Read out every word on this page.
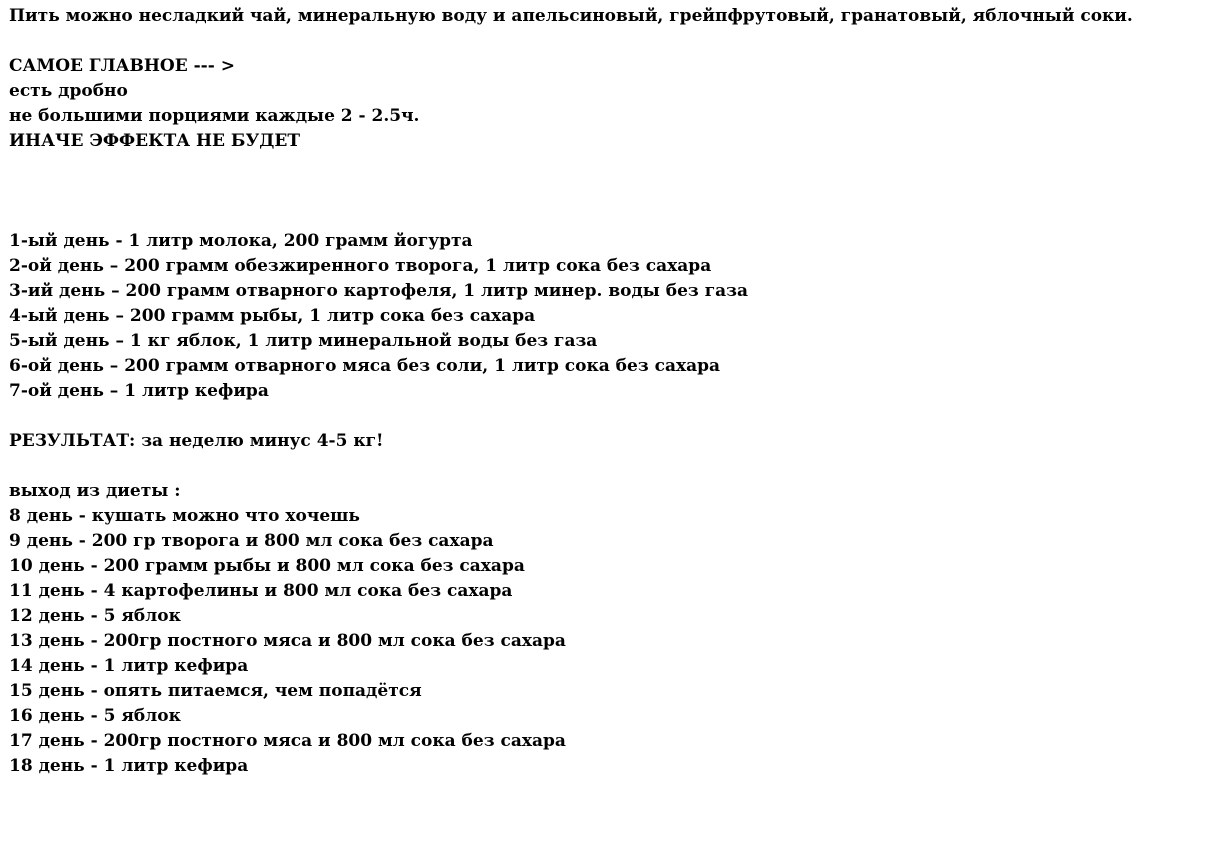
Пить можно несладкий чай, минеральную воду и апельсиновый, грейпфрутовый, гранатовый, яблочный соки.
САМОЕ ГЛАВНОЕ --- >
есть дробно
не большими порциями каждые 2 - 2.5ч.
ИНАЧЕ ЭФФЕКТА НЕ БУДЕТ
1-ый день - 1 литр молока, 200 грамм йогурта
2-ой день – 200 грамм обезжиренного творога, 1 литр сока без сахара
3-ий день – 200 грамм отварного картофеля, 1 литр минер. воды без газа
4-ый день – 200 грамм рыбы, 1 литр сока без сахара
5-ый день – 1 кг яблок, 1 литр минеральной воды без газа
6-ой день – 200 грамм отварного мяса без соли, 1 литр сока без сахара
7-ой день – 1 литр кефира
РЕЗУЛЬТАТ: за неделю минус 4-5 кг!
выход из диеты :
8 день - кушать можно что хочешь
9 день - 200 гр творога и 800 мл сока без сахара
10 день - 200 грамм рыбы и 800 мл сока без сахара
11 день - 4 картофелины и 800 мл сока без сахара
12 день - 5 яблок
13 день - 200гр постного мяса и 800 мл сока без сахара
14 день - 1 литр кефира
15 день - опять питаемся, чем попадётся
16 день - 5 яблок
17 день - 200гр постного мяса и 800 мл сока без сахара
18 день - 1 литр кефира
